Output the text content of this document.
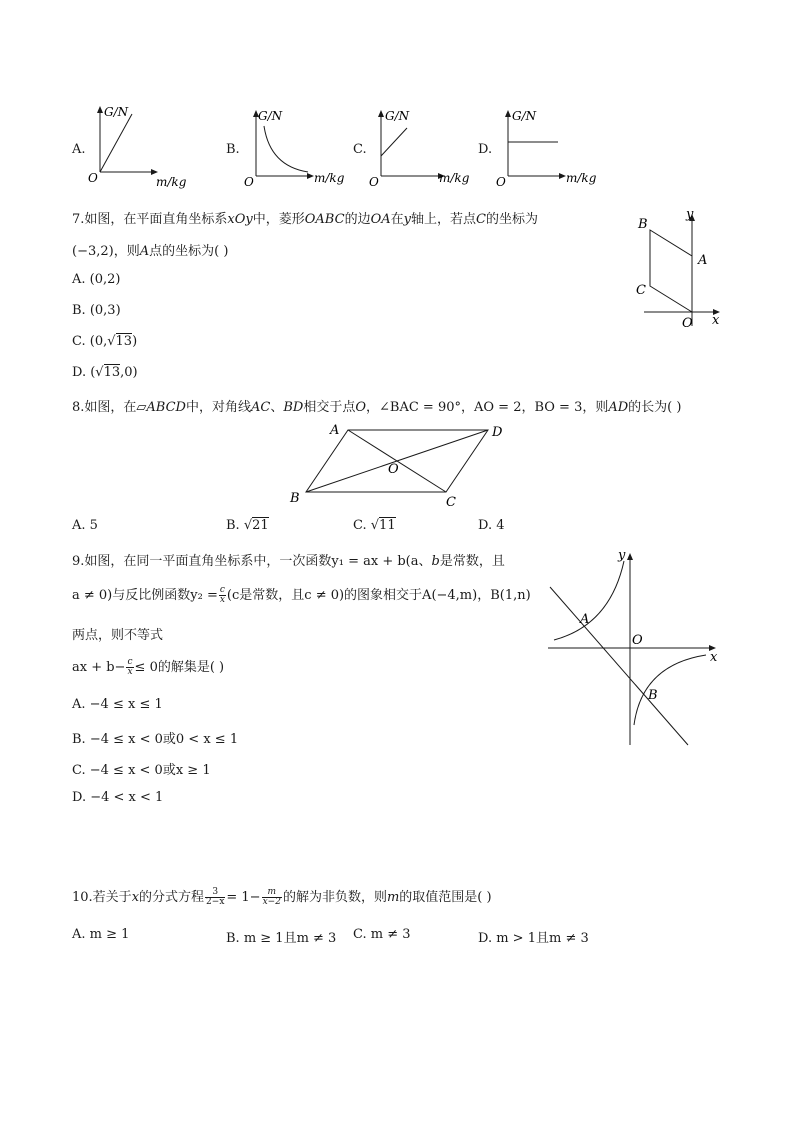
A.
G/N
m/kg
O
B.
G/N
m/kg
O
C.
G/N
m/kg
O
D.
G/N
m/kg
O
7.如图，在平面直角坐标系xOy中，菱形OABC的边OA在y轴上，若点C的坐标为
(−3,2)，则A点的坐标为( )
A. (0,2)
B. (0,3)
C. (0,√13)
D. (√13,0)
B
A
C
O x
y
8.如图，在▱ABCD中，对角线AC、BD相交于点O，∠BAC = 90°，AO = 2，BO = 3，则AD的长为( )
A	D
B	C
O
A. 5	B. √21	C. √11	D. 4
9.如图，在同一平面直角坐标系中，一次函数y₁ = ax + b(a、b是常数，且
a ≠ 0)与反比例函数$y_2 = \frac{c}{x} (c$是常数，且c ≠ 0)的图象相交于A(−4,m)，B(1,n)
两点，则不等式
ax + $b- \frac{c}{x} \le 0$的解集是( )
A. −4 ≤ x ≤ 1
B. −4 ≤ x < 0或0 < x ≤ 1
C. −4 ≤ x < 0或x ≥ 1
D. −4 < x < 1
A
B
O
x
y
10.若关于x的分式方程 $\frac{3}{2-x} = 1- \frac{m}{x-2}$ 的解为非负数，则m的取值范围是( )
A. m ≥ 1	B. m ≥ 1且m ≠ 3 C. m ≠ 3	D. m > 1且m ≠ 3
